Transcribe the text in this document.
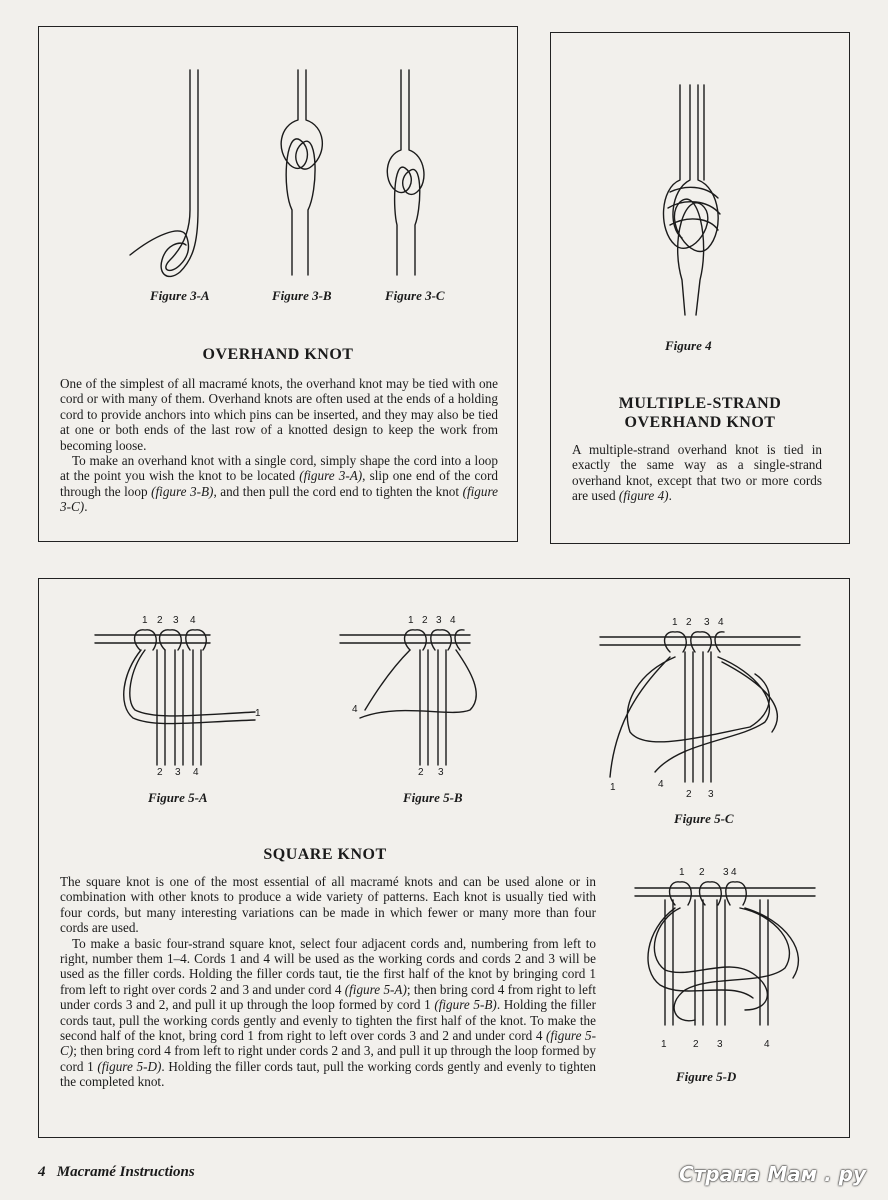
Figure 3-A	Figure 3-B	Figure 3-C
OVERHAND KNOT

One of the simplest of all macramé knots, the overhand knot may be tied with one cord or with many of them. Overhand knots are often used at the ends of a holding cord to provide anchors into which pins can be inserted, and they may also be tied at one or both ends of the last row of a knotted design to keep the work from becoming loose.

To make an overhand knot with a single cord, simply shape the cord into a loop at the point you wish the knot to be located (figure 3-A), slip one end of the cord through the loop (figure 3-B), and then pull the cord end to tighten the knot (figure 3-C).

Figure 4
MULTIPLE-STRAND
OVERHAND KNOT

A multiple-strand overhand knot is tied in exactly the same way as a single-strand overhand knot, except that two or more cords are used (figure 4).

1 2 3 4
1
2 3 4
Figure 5-A
1 2 3 4
4
2 3
Figure 5-B
1 2 3 4
1	4
2 3
Figure 5-C
1 2 3 4
1	2 3	4
Figure 5-D
SQUARE KNOT

The square knot is one of the most essential of all macramé knots and can be used alone or in combination with other knots to produce a wide variety of patterns. Each knot is usually tied with four cords, but many interesting variations can be made in which fewer or many more than four cords are used.

To make a basic four-strand square knot, select four adjacent cords and, numbering from left to right, number them 1–4. Cords 1 and 4 will be used as the working cords and cords 2 and 3 will be used as the filler cords. Holding the filler cords taut, tie the first half of the knot by bringing cord 1 from left to right over cords 2 and 3 and under cord 4 (figure 5-A); then bring cord 4 from right to left under cords 3 and 2, and pull it up through the loop formed by cord 1 (figure 5-B). Holding the filler cords taut, pull the working cords gently and evenly to tighten the first half of the knot. To make the second half of the knot, bring cord 1 from right to left over cords 3 and 2 and under cord 4 (figure 5-C); then bring cord 4 from left to right under cords 2 and 3, and pull it up through the loop formed by cord 1 (figure 5-D). Holding the filler cords taut, pull the working cords gently and evenly to tighten the completed knot.

4 Macramé Instructions	Страна Мам . ру
